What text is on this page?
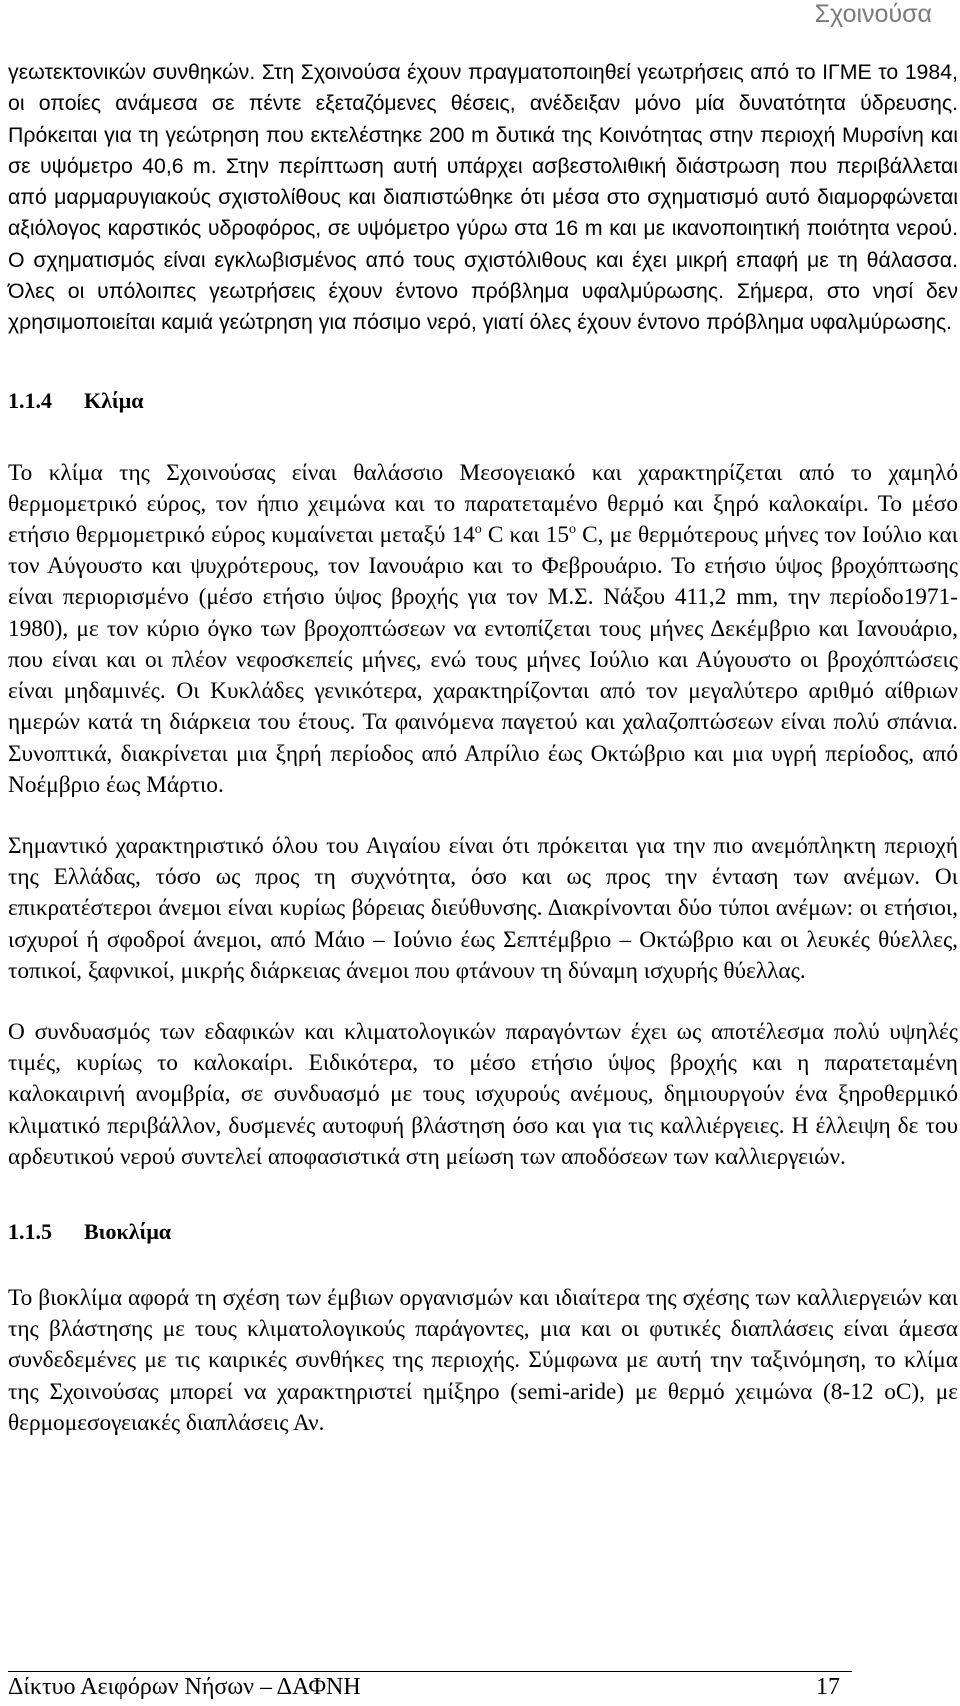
Σχοινούσα

γεωτεκτονικών συνθηκών. Στη Σχοινούσα έχουν πραγματοποιηθεί γεωτρήσεις από το ΙΓΜΕ το 1984, οι οποίες ανάμεσα σε πέντε εξεταζόμενες θέσεις, ανέδειξαν μόνο μία δυνατότητα ύδρευσης. Πρόκειται για τη γεώτρηση που εκτελέστηκε 200 m δυτικά της Κοινότητας στην περιοχή Μυρσίνη και σε υψόμετρο 40,6 m. Στην περίπτωση αυτή υπάρχει ασβεστολιθική διάστρωση που περιβάλλεται από μαρμαρυγιακούς σχιστολίθους και διαπιστώθηκε ότι μέσα στο σχηματισμό αυτό διαμορφώνεται αξιόλογος καρστικός υδροφόρος, σε υψόμετρο γύρω στα 16 m και με ικανοποιητική ποιότητα νερού. Ο σχηματισμός είναι εγκλωβισμένος από τους σχιστόλιθους και έχει μικρή επαφή με τη θάλασσα. Όλες οι υπόλοιπες γεωτρήσεις έχουν έντονο πρόβλημα υφαλμύρωσης. Σήμερα, στο νησί δεν χρησιμοποιείται καμιά γεώτρηση για πόσιμο νερό, γιατί όλες έχουν έντονο πρόβλημα υφαλμύρωσης.

1.1.4	Κλίμα

Το κλίμα της Σχοινούσας είναι θαλάσσιο Μεσογειακό και χαρακτηρίζεται από το χαμηλό θερμομετρικό εύρος, τον ήπιο χειμώνα και το παρατεταμένο θερμό και ξηρό καλοκαίρι. Το μέσο ετήσιο θερμομετρικό εύρος κυμαίνεται μεταξύ $14^o$ C και $15^o$ C, με θερμότερους μήνες τον Ιούλιο και τον Αύγουστο και ψυχρότερους, τον Ιανουάριο και το Φεβρουάριο. Το ετήσιο ύψος βροχόπτωσης είναι περιορισμένο (μέσο ετήσιο ύψος βροχής για τον Μ.Σ. Νάξου 411,2 mm, την περίοδο1971-1980), με τον κύριο όγκο των βροχοπτώσεων να εντοπίζεται τους μήνες Δεκέμβριο και Ιανουάριο, που είναι και οι πλέον νεφοσκεπείς μήνες, ενώ τους μήνες Ιούλιο και Αύγουστο οι βροχόπτώσεις είναι μηδαμινές. Οι Κυκλάδες γενικότερα, χαρακτηρίζονται από τον μεγαλύτερο αριθμό αίθριων ημερών κατά τη διάρκεια του έτους. Τα φαινόμενα παγετού και χαλαζοπτώσεων είναι πολύ σπάνια. Συνοπτικά, διακρίνεται μια ξηρή περίοδος από Απρίλιο έως Οκτώβριο και μια υγρή περίοδος, από Νοέμβριο έως Μάρτιο.

Σημαντικό χαρακτηριστικό όλου του Αιγαίου είναι ότι πρόκειται για την πιο ανεμόπληκτη περιοχή της Ελλάδας, τόσο ως προς τη συχνότητα, όσο και ως προς την ένταση των ανέμων. Οι επικρατέστεροι άνεμοι είναι κυρίως βόρειας διεύθυνσης. Διακρίνονται δύο τύποι ανέμων: οι ετήσιοι, ισχυροί ή σφοδροί άνεμοι, από Μάιο – Ιούνιο έως Σεπτέμβριο – Οκτώβριο και οι λευκές θύελλες, τοπικοί, ξαφνικοί, μικρής διάρκειας άνεμοι που φτάνουν τη δύναμη ισχυρής θύελλας.

Ο συνδυασμός των εδαφικών και κλιματολογικών παραγόντων έχει ως αποτέλεσμα πολύ υψηλές τιμές, κυρίως το καλοκαίρι. Ειδικότερα, το μέσο ετήσιο ύψος βροχής και η παρατεταμένη καλοκαιρινή ανομβρία, σε συνδυασμό με τους ισχυρούς ανέμους, δημιουργούν ένα ξηροθερμικό κλιματικό περιβάλλον, δυσμενές αυτοφυή βλάστηση όσο και για τις καλλιέργειες. Η έλλειψη δε του αρδευτικού νερού συντελεί αποφασιστικά στη μείωση των αποδόσεων των καλλιεργειών.

1.1.5	Βιοκλίμα

Το βιοκλίμα αφορά τη σχέση των έμβιων οργανισμών και ιδιαίτερα της σχέσης των καλλιεργειών και της βλάστησης με τους κλιματολογικούς παράγοντες, μια και οι φυτικές διαπλάσεις είναι άμεσα συνδεδεμένες με τις καιρικές συνθήκες της περιοχής. Σύμφωνα με αυτή την ταξινόμηση, το κλίμα της Σχοινούσας μπορεί να χαρακτηριστεί ημίξηρο (semi-aride) με θερμό χειμώνα (8-12 oC), με θερμομεσογειακές διαπλάσεις Αν.

Δίκτυο Αειφόρων Νήσων – ΔΑΦΝΗ	17
